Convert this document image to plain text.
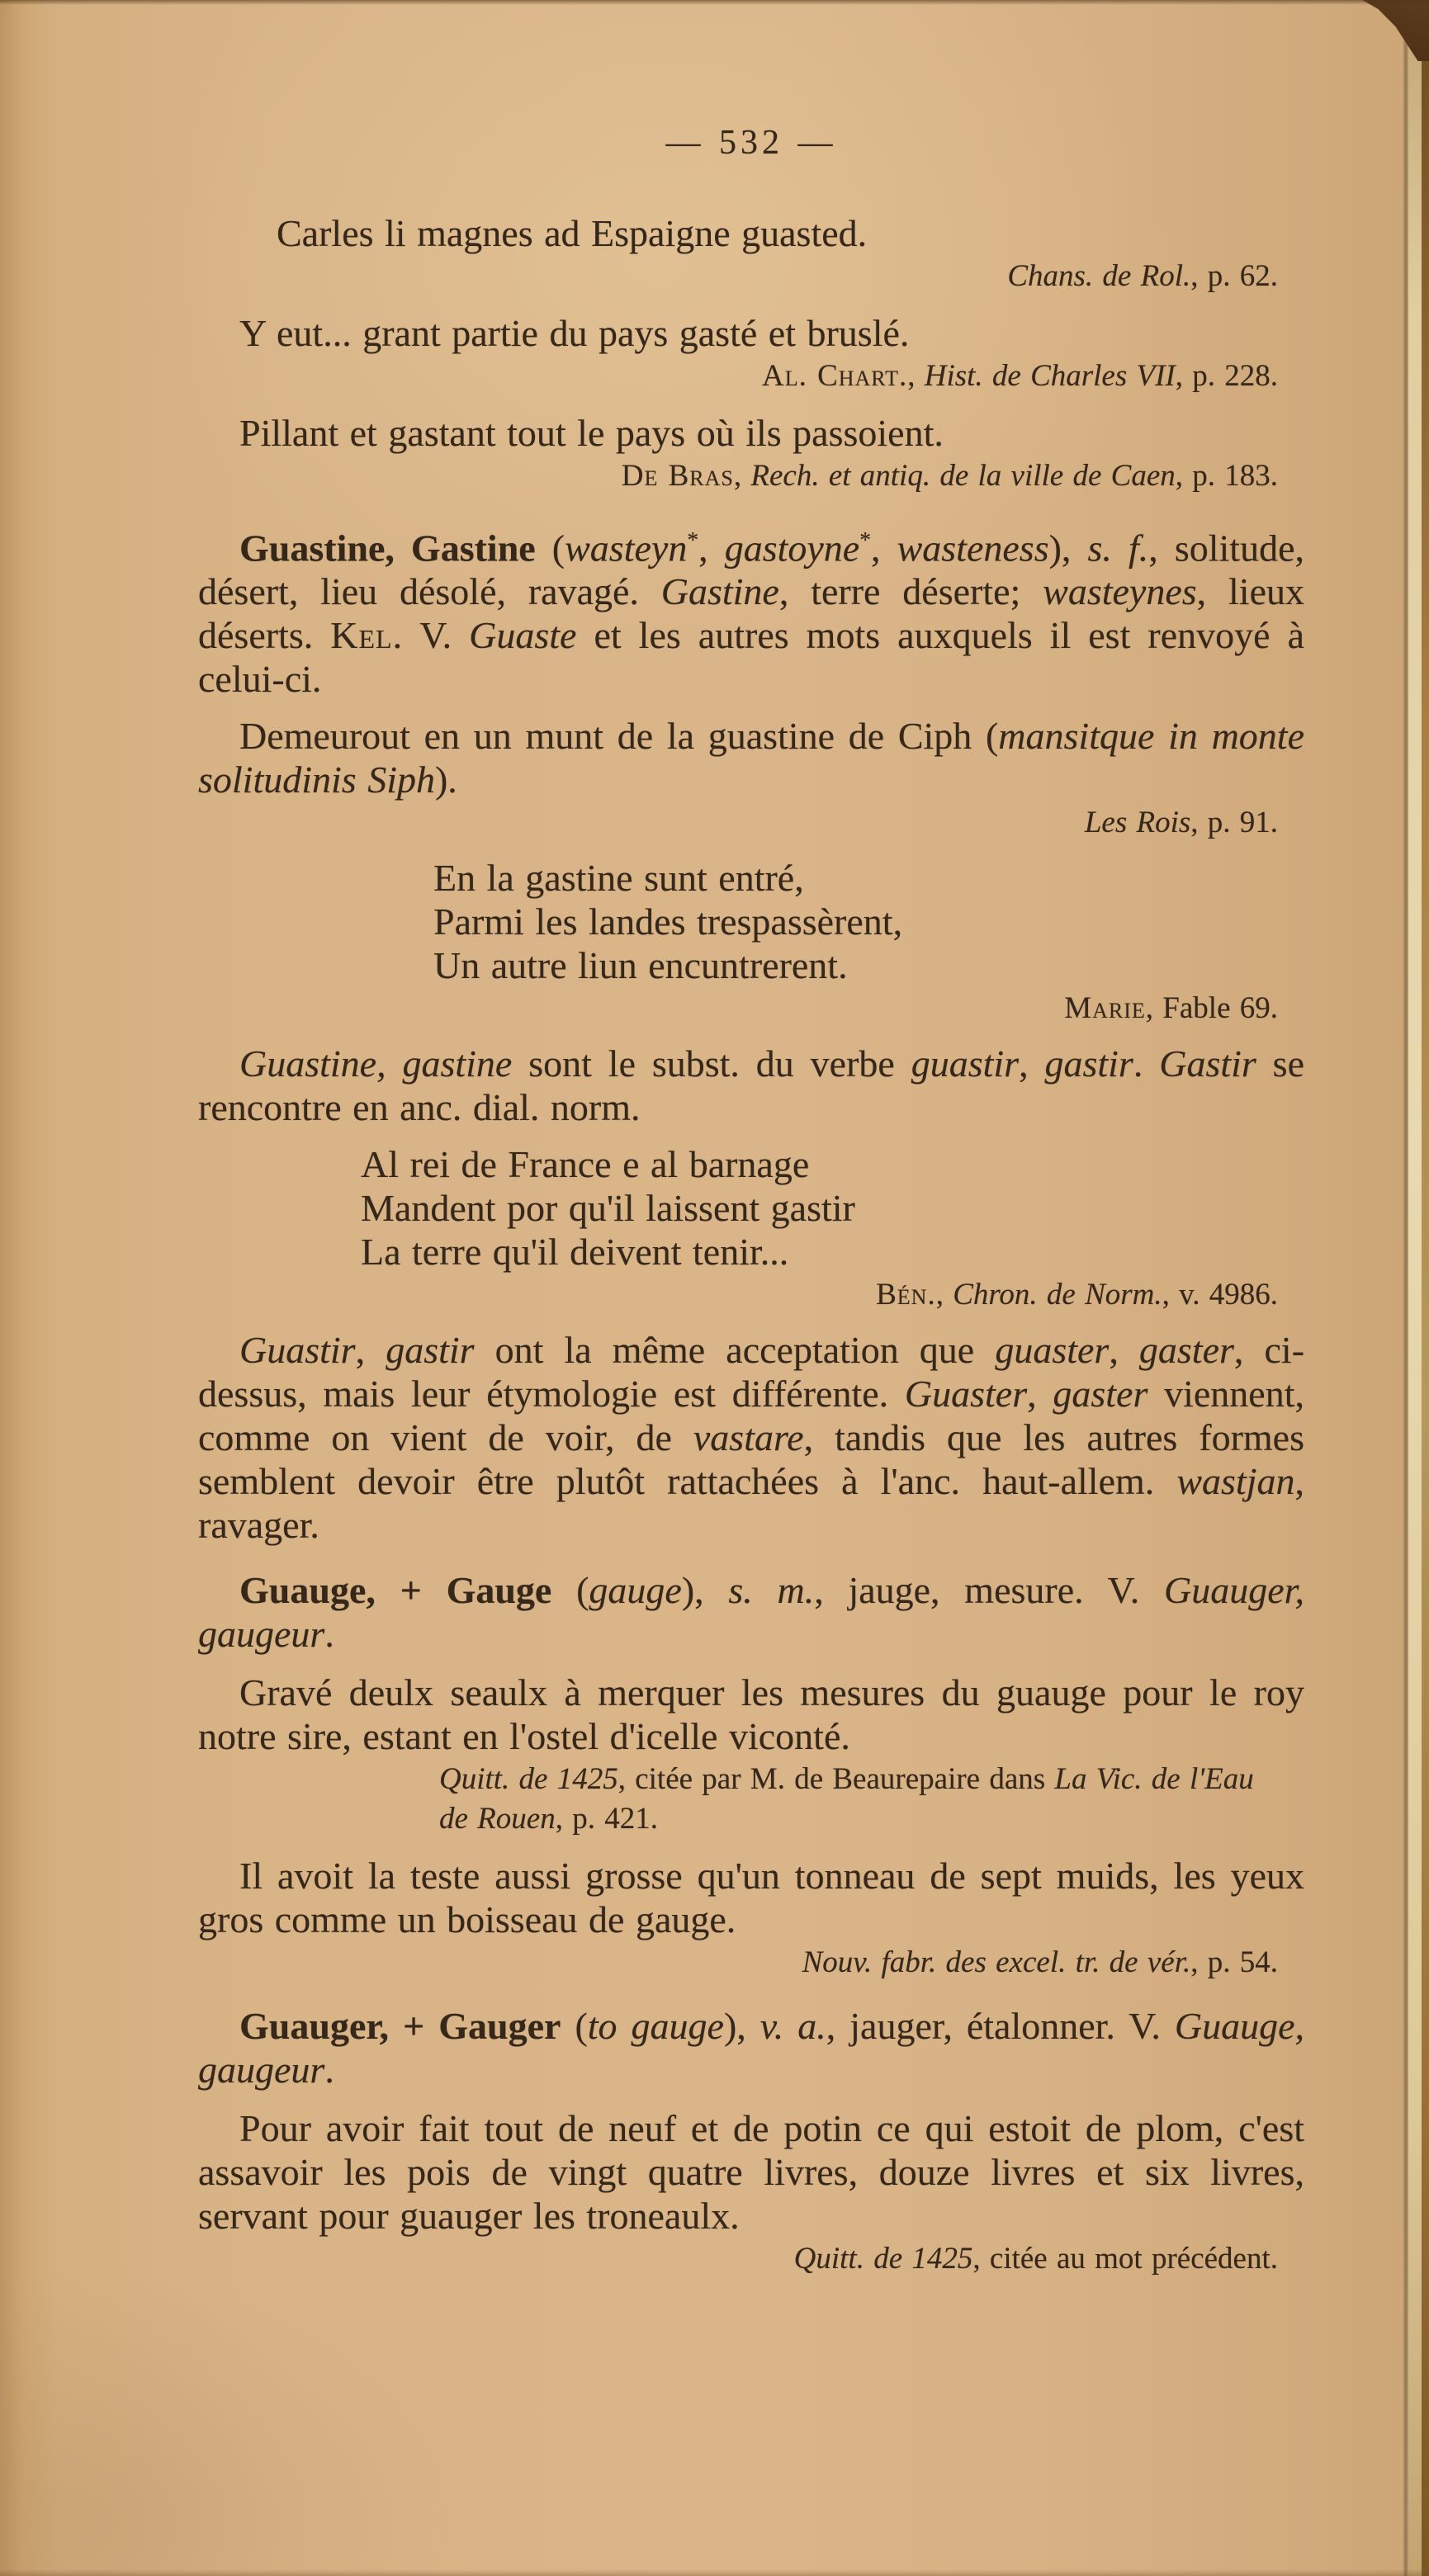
— 532 —
Carles li magnes ad Espaigne guasted.
Chans. de Rol., p. 62.
Y eut... grant partie du pays gasté et bruslé.
Al. Chart., Hist. de Charles VII, p. 228.
Pillant et gastant tout le pays où ils passoient.
De Bras, Rech. et antiq. de la ville de Caen, p. 183.
Guastine, Gastine (wasteyn*, gastoyne*, wasteness), s. f., solitude, désert, lieu désolé, ravagé. Gastine, terre déserte; wasteynes, lieux déserts. Kel. V. Guaste et les autres mots auxquels il est renvoyé à celui-ci.
Demeurout en un munt de la guastine de Ciph (mansitque in monte solitudinis Siph).
Les Rois, p. 91.
En la gastine sunt entré,
Parmi les landes trespassèrent,
Un autre liun encuntrerent.
Marie, Fable 69.
Guastine, gastine sont le subst. du verbe guastir, gastir. Gastir se rencontre en anc. dial. norm.
Al rei de France e al barnage
Mandent por qu'il laissent gastir
La terre qu'il deivent tenir...
Bén., Chron. de Norm., v. 4986.
Guastir, gastir ont la même acceptation que guaster, gaster, ci-dessus, mais leur étymologie est différente. Guaster, gaster viennent, comme on vient de voir, de vastare, tandis que les autres formes semblent devoir être plutôt rattachées à l'anc. haut-allem. wastjan, ravager.
Guauge, + Gauge (gauge), s. m., jauge, mesure. V. Guauger, gaugeur.
Gravé deulx seaulx à merquer les mesures du guauge pour le roy notre sire, estant en l'ostel d'icelle viconté.
Quitt. de 1425, citée par M. de Beaurepaire dans La Vic. de l'Eau de Rouen, p. 421.
Il avoit la teste aussi grosse qu'un tonneau de sept muids, les yeux gros comme un boisseau de gauge.
Nouv. fabr. des excel. tr. de vér., p. 54.
Guauger, + Gauger (to gauge), v. a., jauger, étalonner. V. Guauge, gaugeur.
Pour avoir fait tout de neuf et de potin ce qui estoit de plom, c'est assavoir les pois de vingt quatre livres, douze livres et six livres, servant pour guauger les troneaulx.
Quitt. de 1425, citée au mot précédent.
